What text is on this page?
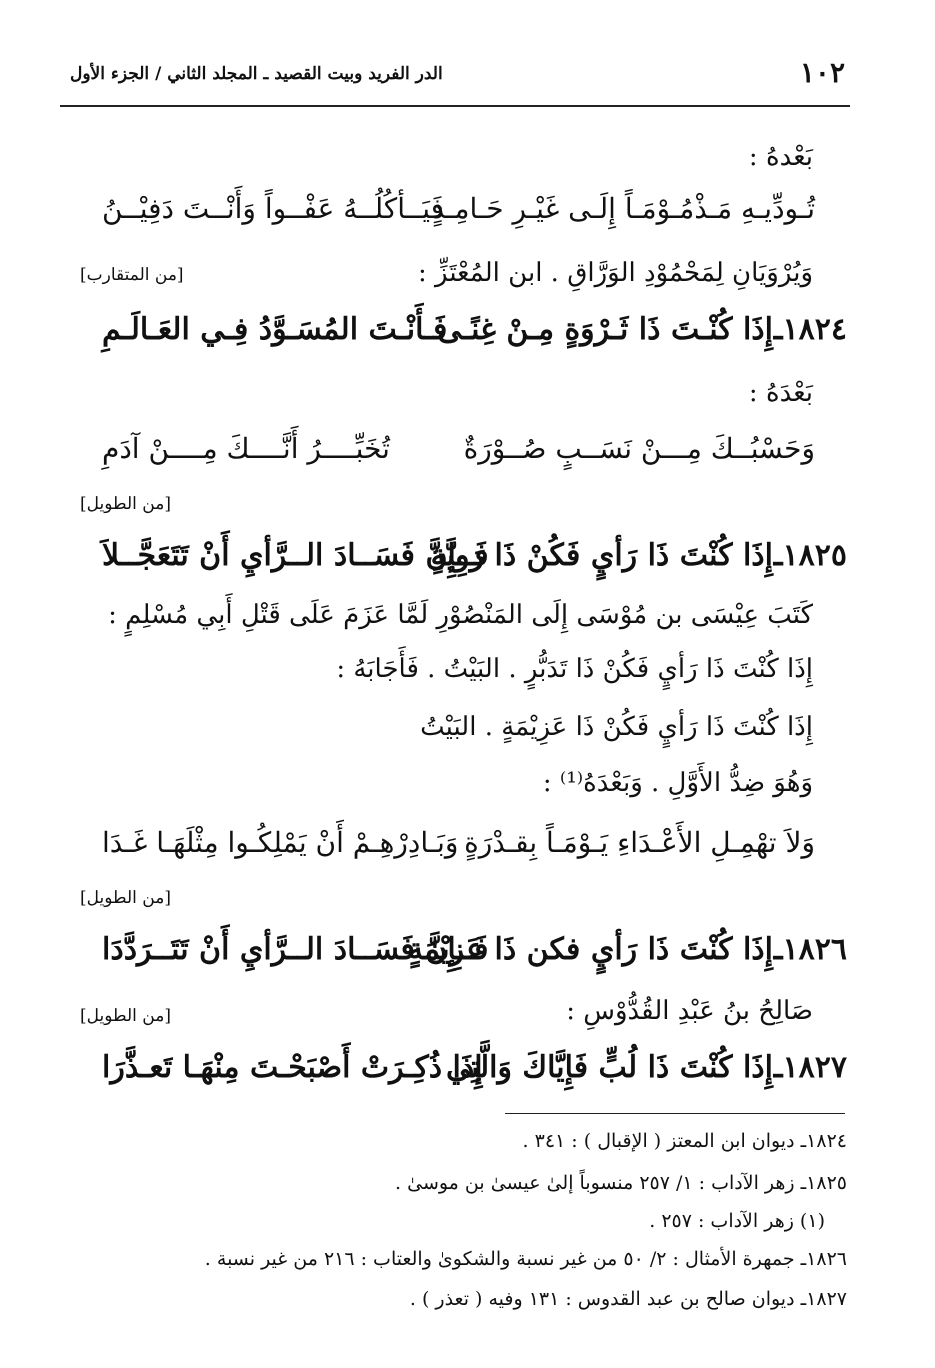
١٠٢
الدر الفريد وبيت القصيد ـ المجلد الثاني / الجزء الأول
بَعْدهُ :
تُـودِّيـهِ مَـذْمُـوْمَـاً إِلَـى غَيْـرِ حَـامِـدٍ
فَيَــأكُلُــهُ عَفْــواً وَأَنْــتَ دَفِيْــنُ
وَيُرْوَيَانِ لِمَحْمُوْدِ الوَرَّاقِ . ابن المُعْتَزِّ :
[من المتقارب]
١٨٢٤ـ
إِذَا كُنْـتَ ذَا ثَـرْوَةٍ مِـنْ غِنًـى
فَـأَنْـتَ المُسَـوَّدُ فِـي العَـالَـمِ
بَعْدَهُ :
وَحَسْبُــكَ مِـــنْ نَسَــبٍ صُــوْرَةٌ
تُخَبِّــــرُ أَنَّــــكَ مِــــنْ آدَمِ
[من الطويل]
١٨٢٥ـ
إِذَا كُنْتَ ذَا رَأيٍ فَكُنْ ذَا رَوِيَّةٍ
فَــإِنَّ فَسَــادَ الــرَّأيِ أَنْ تَتَعَجَّــلاَ
كَتَبَ عِيْسَى بن مُوْسَى إِلَى المَنْصُوْرِ لَمَّا عَزَمَ عَلَى قَتْلِ أَبِي مُسْلِمٍ :
إِذَا كُنْتَ ذَا رَأيٍ فَكُنْ ذَا تَدَبُّرٍ . البَيْتُ . فَأَجَابَهُ :
إِذَا كُنْتَ ذَا رَأيٍ فَكُنْ ذَا عَزِيْمَةٍ . البَيْتُ
وَهُوَ ضِدُّ الأَوَّلِ . وَبَعْدَهُ⁽¹⁾ :
وَبَـادِرْهِـمْ أَنْ يَمْلِكُـوا مِثْلَهَـا غَـدَا وَلاَ تهْمِـلِ الأَعْـدَاءِ يَـوْمَـاً بِقـدْرَةٍ
[من الطويل]
١٨٢٦ـ
إِذَا كُنْتَ ذَا رَأيٍ فكن ذَا عَزِيْمَةٍ
فَــإِنَّ فَسَــادَ الــرَّأيِ أَنْ تَتَــرَدَّدَا
صَالِحُ بنُ عَبْدِ القُدُّوْسِ :
[من الطويل]
١٨٢٧ـ
إِذَا كُنْتَ ذَا لُبٍّ فَإِيَّاكَ وَالَّتِي
إِذَا ذُكِـرَتْ أَصْبَحْـتَ مِنْهَـا تَعـذَّرَا
١٨٢٤ـ ديوان ابن المعتز ( الإقبال ) : ٣٤١ .
١٨٢٥ـ زهر الآداب : ١/ ٢٥٧ منسوباً إلىٰ عيسىٰ بن موسىٰ .
(١) زهر الآداب : ٢٥٧ .
١٨٢٦ـ جمهرة الأمثال : ٢/ ٥٠ من غير نسبة والشكوىٰ والعتاب : ٢١٦ من غير نسبة .
١٨٢٧ـ ديوان صالح بن عبد القدوس : ١٣١ وفيه ( تعذر ) .
